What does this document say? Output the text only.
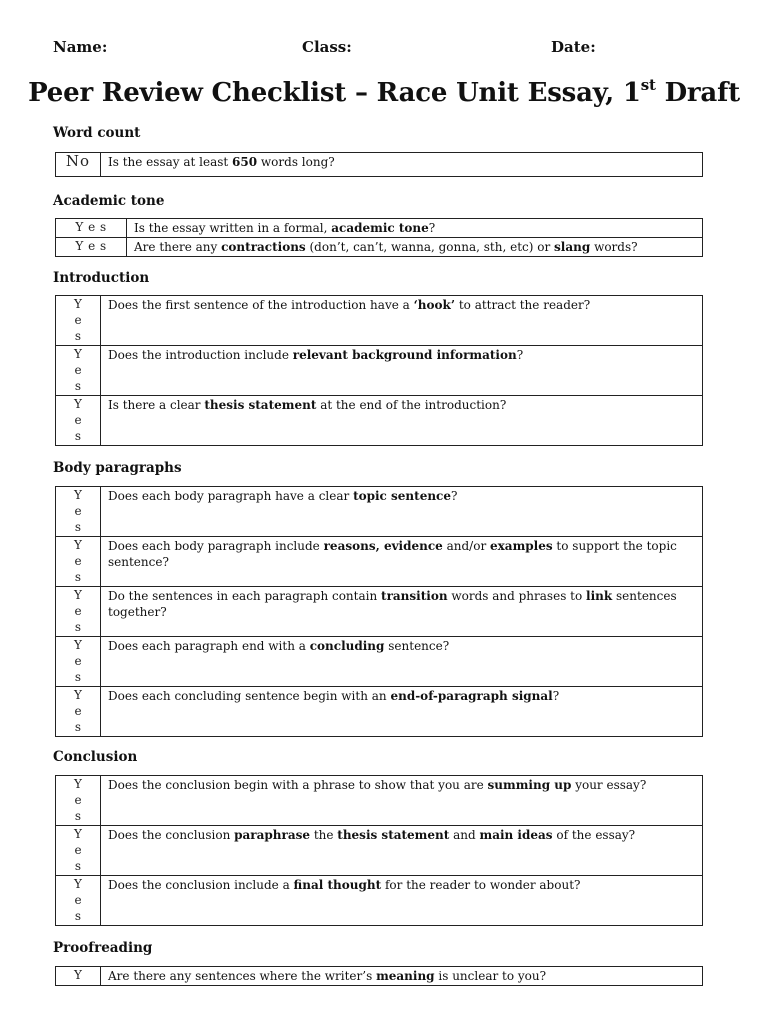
Name:	Class:	Date:
Peer Review Checklist – Race Unit Essay, 1st Draft
Word count
No	Is the essay at least 650 words long?
Academic tone
Y e s	Is the essay written in a formal, academic tone?
Y e s	Are there any contractions (don’t, can’t, wanna, gonna, sth, etc) or slang words?
Introduction
Y e s	Does the first sentence of the introduction have a ‘hook’ to attract the reader?

Y e s	Does the introduction include relevant background information?

Y e s	Is there a clear thesis statement at the end of the introduction?
Body paragraphs
Y e s	Does each body paragraph have a clear topic sentence?

Y e s	Does each body paragraph include reasons, evidence and/or examples to support the topic sentence?

Y e s	Do the sentences in each paragraph contain transition words and phrases to link sentences together?

Y e s	Does each paragraph end with a concluding sentence?

Y e s	Does each concluding sentence begin with an end-of-paragraph signal?
Conclusion
Y e s	Does the conclusion begin with a phrase to show that you are summing up your essay?

Y e s	Does the conclusion paraphrase the thesis statement and main ideas of the essay?

Y e s	Does the conclusion include a final thought for the reader to wonder about?
Proofreading
Y	Are there any sentences where the writer’s meaning is unclear to you?
